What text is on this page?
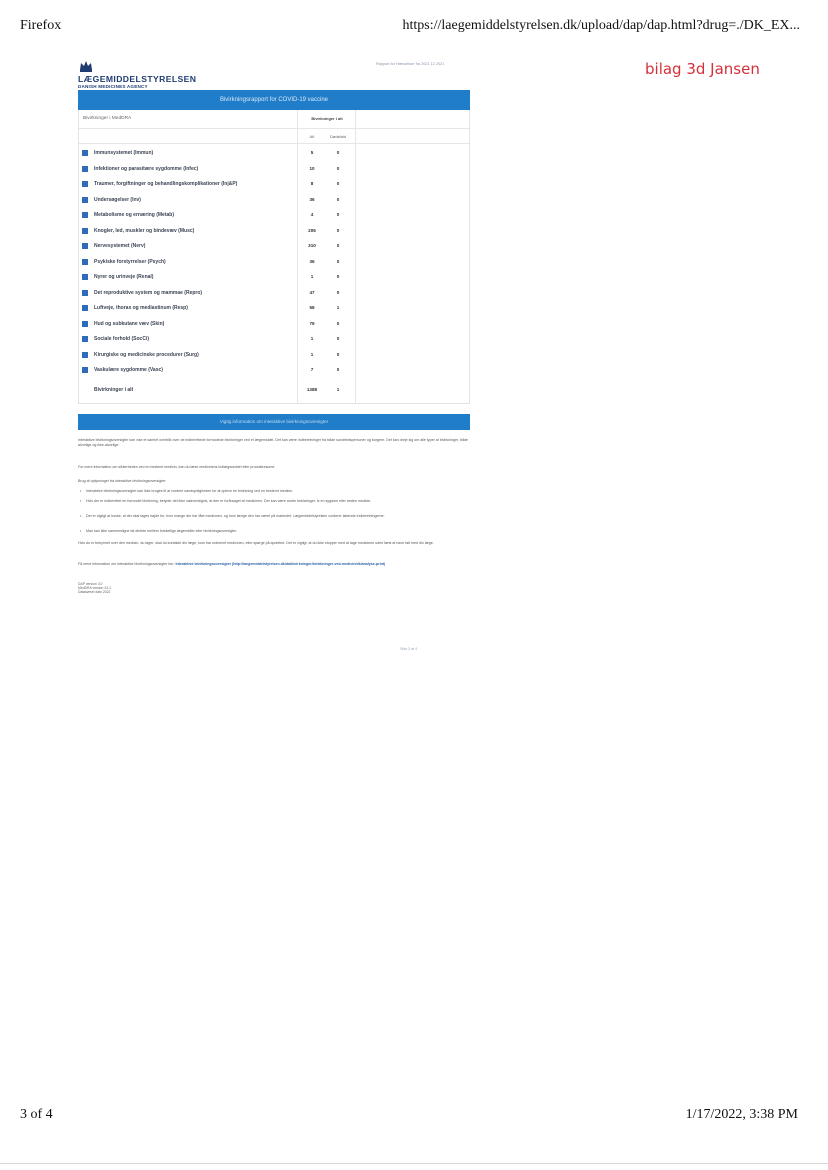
Firefox	https://laegemiddelstyrelsen.dk/upload/dap/dap.html?drug=./DK_EX...
bilag 3d Jansen
LÆGEMIDDELSTYRELSEN
DANISH MEDICINES AGENCY
Rapport for Hændelser fra 2021 12 2021
Bivirkningsrapport for COVID-19 vaccine
Bivirkninger i MedDRA	Bivirkninger i alt
Alt	Dødsfald
Immunsystemet (Immun)	5	0
Infektioner og parasitære sygdomme (Infec)	10	0
Traumer, forgiftninger og behandlingskomplikationer (Inj&P)	8	0
Undersøgelser (Inv)	36	0
Metabolisme og ernæring (Metab)	4	0
Knogler, led, muskler og bindevæv (Musc)	206	0
Nervesystemet (Nerv)	310	0
Psykiske forstyrrelser (Psych)	36	0
Nyrer og urinveje (Renal)	1	0
Det reproduktive system og mammae (Repro)	47	0
Luftveje, thorax og mediastinum (Resp)	58	1
Hud og subkutane væv (Skin)	79	0
Sociale forhold (SocCi)	1	0
Kirurgiske og medicinske procedurer (Surg)	1	0
Vaskulære sygdomme (Vasc)	7	0
Bivirkninger i alt	1388	1
Vigtig information om interaktive bivirkningsoversigter
Interaktive bivirkningsoversigter kan vise et samlet overblik over de indberettede formodede bivirkninger ved et lægemiddel. Det kan være indberetninger fra både sundhedspersoner og borgere. Det kan dreje sig om alle typer af bivirkninger, både alvorlige og ikke-alvorlige.
For mere information om sikkerheden ved en bestemt medicin, kan du læse medicinens indlægsseddel eller produktresumé.
Brug af oplysninger fra interaktive bivirkningsoversigter:
• Interaktive bivirkningsoversigter kan ikke bruges til at vurdere sandsynligheden for at opleve en bivirkning ved en bestemt medicin.
• Hvis der er indberettet en formodet bivirkning, betyder det ikke nødvendigvis, at den er forårsaget af medicinen. Der kan være andre forklaringer, fx en sygdom eller anden medicin.
• Det er vigtigt at huske, at der skal tages højde for, hvor mange der har fået medicinen, og hvor længe den har været på markedet. Lægemiddelstyrelsen vurderer løbende indberetningerne.
• Man kan ikke sammenligne tal direkte mellem forskellige lægemidler eller bivirkningsoversigter.
Hvis du er bekymret over den medicin, du tager, skal du kontakte din læge, som har ordineret medicinen, eller spørge på apoteket. Det er vigtigt, at du ikke stopper med at tage medicinen uden først at have talt med din læge.
Få mere information om interaktive bivirkningsoversigter her: Interaktive bivirkningsoversigter (http://laegemiddelstyrelsen.dk/da/bivirkninger/bivirkninger-ved-medicin/dk/analyse-print)
DAP version 3.0
MedDRA version 24.1
Datakørsel dato 2022
Side 3 af 4
3 of 4	1/17/2022, 3:38 PM
